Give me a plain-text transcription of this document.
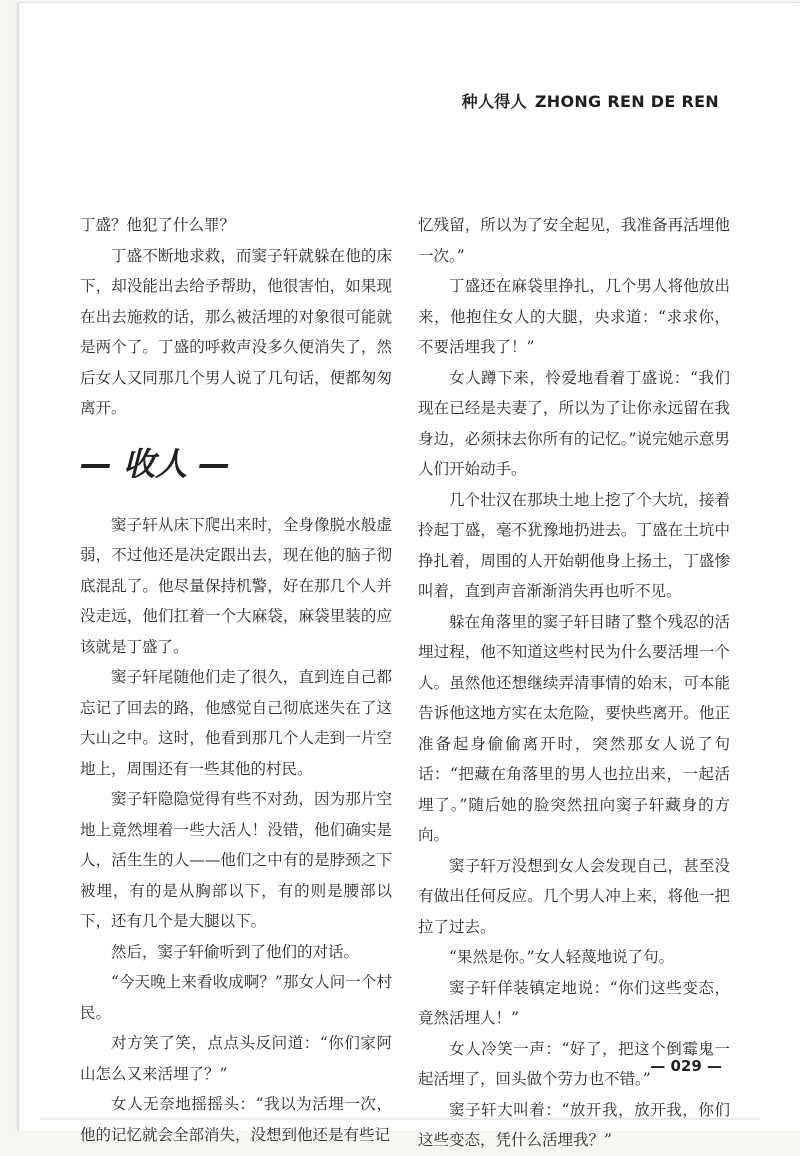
种人得人 ZHONG REN DE REN

丁盛？他犯了什么罪？

丁盛不断地求救，而窦子轩就躲在他的床下，却没能出去给予帮助，他很害怕，如果现在出去施救的话，那么被活埋的对象很可能就是两个了。丁盛的呼救声没多久便消失了，然后女人又同那几个男人说了几句话，便都匆匆离开。

— 收人 —

窦子轩从床下爬出来时，全身像脱水般虚弱，不过他还是决定跟出去，现在他的脑子彻底混乱了。他尽量保持机警，好在那几个人并没走远，他们扛着一个大麻袋，麻袋里装的应该就是丁盛了。

窦子轩尾随他们走了很久，直到连自己都忘记了回去的路，他感觉自己彻底迷失在了这大山之中。这时，他看到那几个人走到一片空地上，周围还有一些其他的村民。

窦子轩隐隐觉得有些不对劲，因为那片空地上竟然埋着一些大活人！没错，他们确实是人，活生生的人——他们之中有的是脖颈之下被埋，有的是从胸部以下，有的则是腰部以下，还有几个是大腿以下。

然后，窦子轩偷听到了他们的对话。

“今天晚上来看收成啊？”那女人问一个村民。

对方笑了笑，点点头反问道：“你们家阿山怎么又来活埋了？”

女人无奈地摇摇头：“我以为活埋一次，他的记忆就会全部消失，没想到他还是有些记

忆残留，所以为了安全起见，我准备再活埋他一次。”

丁盛还在麻袋里挣扎，几个男人将他放出来，他抱住女人的大腿，央求道：“求求你，不要活埋我了！”

女人蹲下来，怜爱地看着丁盛说：“我们现在已经是夫妻了，所以为了让你永远留在我身边，必须抹去你所有的记忆。”说完她示意男人们开始动手。

几个壮汉在那块土地上挖了个大坑，接着拎起丁盛，毫不犹豫地扔进去。丁盛在土坑中挣扎着，周围的人开始朝他身上扬土，丁盛惨叫着，直到声音渐渐消失再也听不见。

躲在角落里的窦子轩目睹了整个残忍的活埋过程，他不知道这些村民为什么要活埋一个人。虽然他还想继续弄清事情的始末，可本能告诉他这地方实在太危险，要快些离开。他正准备起身偷偷离开时，突然那女人说了句话：“把藏在角落里的男人也拉出来，一起活埋了。”随后她的脸突然扭向窦子轩藏身的方向。

窦子轩万没想到女人会发现自己，甚至没有做出任何反应。几个男人冲上来，将他一把拉了过去。

“果然是你。”女人轻蔑地说了句。

窦子轩佯装镇定地说：“你们这些变态，竟然活埋人！”

女人冷笑一声：“好了，把这个倒霉鬼一起活埋了，回头做个劳力也不错。”

窦子轩大叫着：“放开我，放开我，你们这些变态，凭什么活埋我？”

— 029 —
